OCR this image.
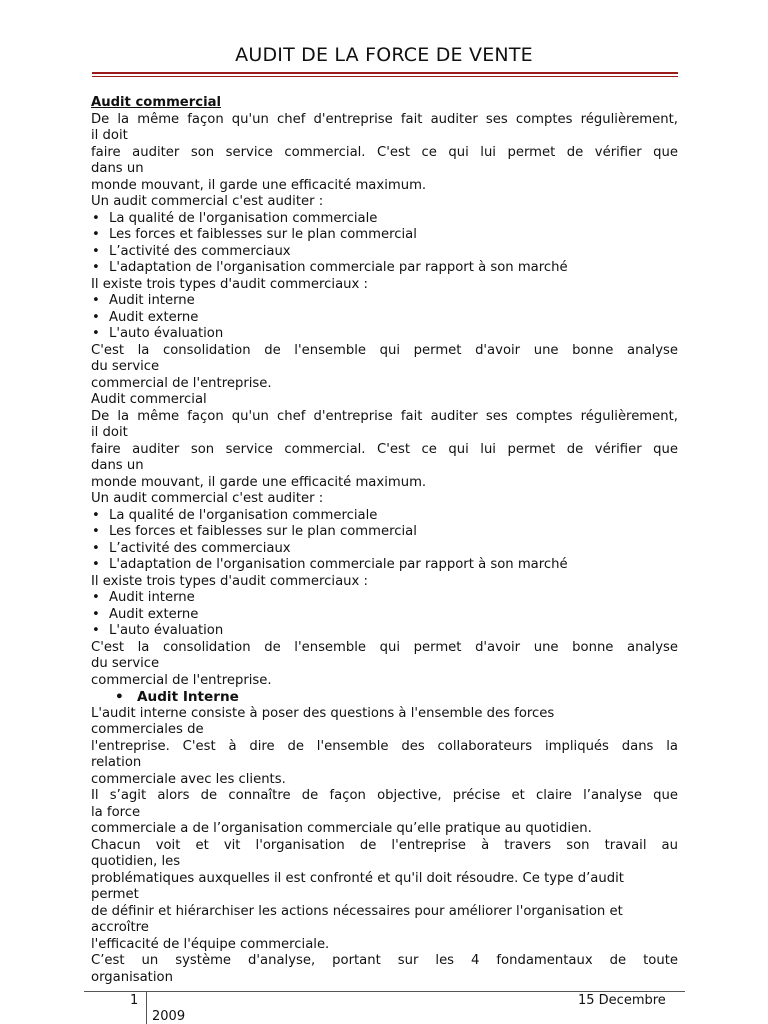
AUDIT DE LA FORCE DE VENTE
Audit commercial
De la même façon qu'un chef d'entreprise fait auditer ses comptes régulièrement,
il doit
faire auditer son service commercial. C'est ce qui lui permet de vérifier que
dans un
monde mouvant, il garde une efficacité maximum.
Un audit commercial c'est auditer :
• La qualité de l'organisation commerciale
• Les forces et faiblesses sur le plan commercial
• L’activité des commerciaux
• L'adaptation de l'organisation commerciale par rapport à son marché
Il existe trois types d'audit commerciaux :
• Audit interne
• Audit externe
• L'auto évaluation
C'est la consolidation de l'ensemble qui permet d'avoir une bonne analyse
du service
commercial de l'entreprise.
Audit commercial
De la même façon qu'un chef d'entreprise fait auditer ses comptes régulièrement,
il doit
faire auditer son service commercial. C'est ce qui lui permet de vérifier que
dans un
monde mouvant, il garde une efficacité maximum.
Un audit commercial c'est auditer :
• La qualité de l'organisation commerciale
• Les forces et faiblesses sur le plan commercial
• L’activité des commerciaux
• L'adaptation de l'organisation commerciale par rapport à son marché
Il existe trois types d'audit commerciaux :
• Audit interne
• Audit externe
• L'auto évaluation
C'est la consolidation de l'ensemble qui permet d'avoir une bonne analyse
du service
commercial de l'entreprise.
• Audit Interne
L'audit interne consiste à poser des questions à l'ensemble des forces
commerciales de
l'entreprise. C'est à dire de l'ensemble des collaborateurs impliqués dans la
relation
commerciale avec les clients.
Il s’agit alors de connaître de façon objective, précise et claire l’analyse que
la force
commerciale a de l’organisation commerciale qu’elle pratique au quotidien.
Chacun voit et vit l'organisation de l'entreprise à travers son travail au
quotidien, les
problématiques auxquelles il est confronté et qu'il doit résoudre. Ce type d’audit
permet
de définir et hiérarchiser les actions nécessaires pour améliorer l'organisation et
accroître
l'efficacité de l'équipe commerciale.
C’est un système d'analyse, portant sur les 4 fondamentaux de toute
organisation
1	15 Decembre
2009
